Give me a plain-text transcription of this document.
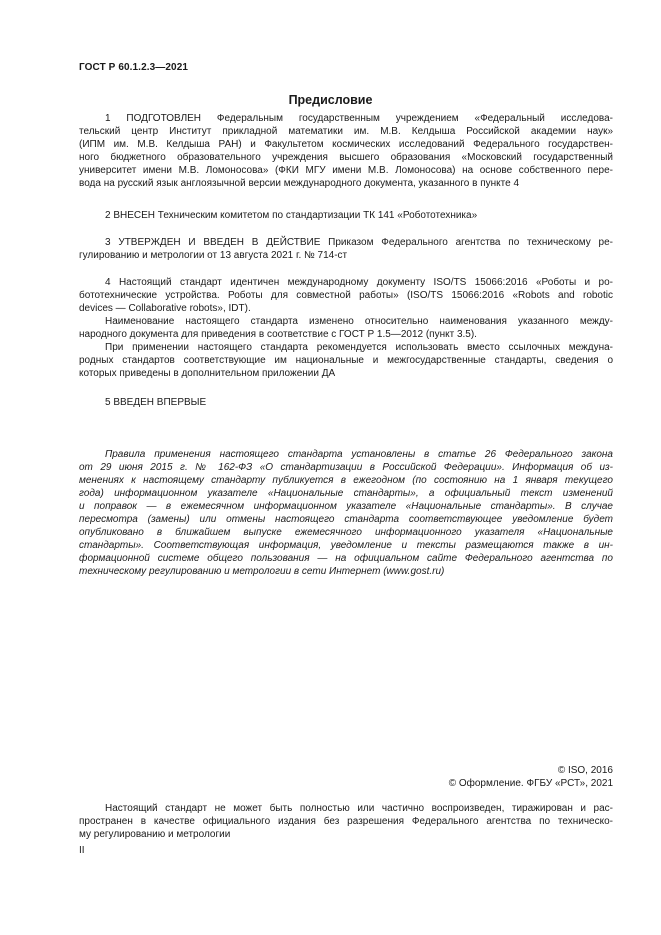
ГОСТ Р 60.1.2.3—2021
Предисловие

1 ПОДГОТОВЛЕН Федеральным государственным учреждением «Федеральный исследова-

тельский центр Институт прикладной математики им. М.В. Келдыша Российской академии наук»

(ИПМ им. М.В. Келдыша РАН) и Факультетом космических исследований Федерального государствен-

ного бюджетного образовательного учреждения высшего образования «Московский государственный

университет имени М.В. Ломоносова» (ФКИ МГУ имени М.В. Ломоносова) на основе собственного пере-

вода на русский язык англоязычной версии международного документа, указанного в пункте 4

2 ВНЕСЕН Техническим комитетом по стандартизации ТК 141 «Робототехника»

3 УТВЕРЖДЕН И ВВЕДЕН В ДЕЙСТВИЕ Приказом Федерального агентства по техническому ре-

гулированию и метрологии от 13 августа 2021 г. № 714-ст

4 Настоящий стандарт идентичен международному документу ISO/TS 15066:2016 «Роботы и ро-

бототехнические устройства. Роботы для совместной работы» (ISO/TS 15066:2016 «Robots and robotic

devices — Collaborative robots», IDT).

Наименование настоящего стандарта изменено относительно наименования указанного между-

народного документа для приведения в соответствие с ГОСТ Р 1.5—2012 (пункт 3.5).

При применении настоящего стандарта рекомендуется использовать вместо ссылочных междуна-

родных стандартов соответствующие им национальные и межгосударственные стандарты, сведения о

которых приведены в дополнительном приложении ДА

5 ВВЕДЕН ВПЕРВЫЕ

Правила применения настоящего стандарта установлены в статье 26 Федерального закона

от 29 июня 2015 г. № 162-ФЗ «О стандартизации в Российской Федерации». Информация об из-

менениях к настоящему стандарту публикуется в ежегодном (по состоянию на 1 января текущего

года) информационном указателе «Национальные стандарты», а официальный текст изменений

и поправок — в ежемесячном информационном указателе «Национальные стандарты». В случае

пересмотра (замены) или отмены настоящего стандарта соответствующее уведомление будет

опубликовано в ближайшем выпуске ежемесячного информационного указателя «Национальные

стандарты». Соответствующая информация, уведомление и тексты размещаются также в ин-

формационной системе общего пользования — на официальном сайте Федерального агентства по

техническому регулированию и метрологии в сети Интернет (www.gost.ru)

© ISO, 2016
© Оформление. ФГБУ «РСТ», 2021

Настоящий стандарт не может быть полностью или частично воспроизведен, тиражирован и рас-

пространен в качестве официального издания без разрешения Федерального агентства по техническо-

му регулированию и метрологии

II
